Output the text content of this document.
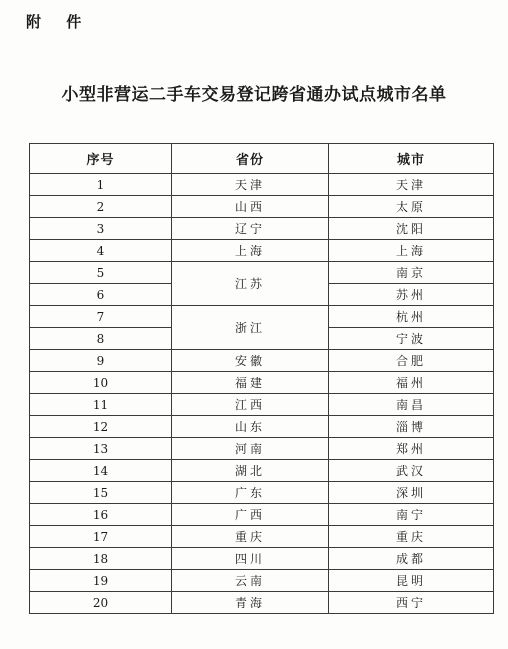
附 件
小型非营运二手车交易登记跨省通办试点城市名单
序号	省份	城市
1	天津	天津
2	山西	太原
3	辽宁	沈阳
4	上海	上海
5	江苏	南京
6		苏州
7	浙江	杭州
8		宁波
9	安徽	合肥
10	福建	福州
11	江西	南昌
12	山东	淄博
13	河南	郑州
14	湖北	武汉
15	广东	深圳
16	广西	南宁
17	重庆	重庆
18	四川	成都
19	云南	昆明
20	青海	西宁
